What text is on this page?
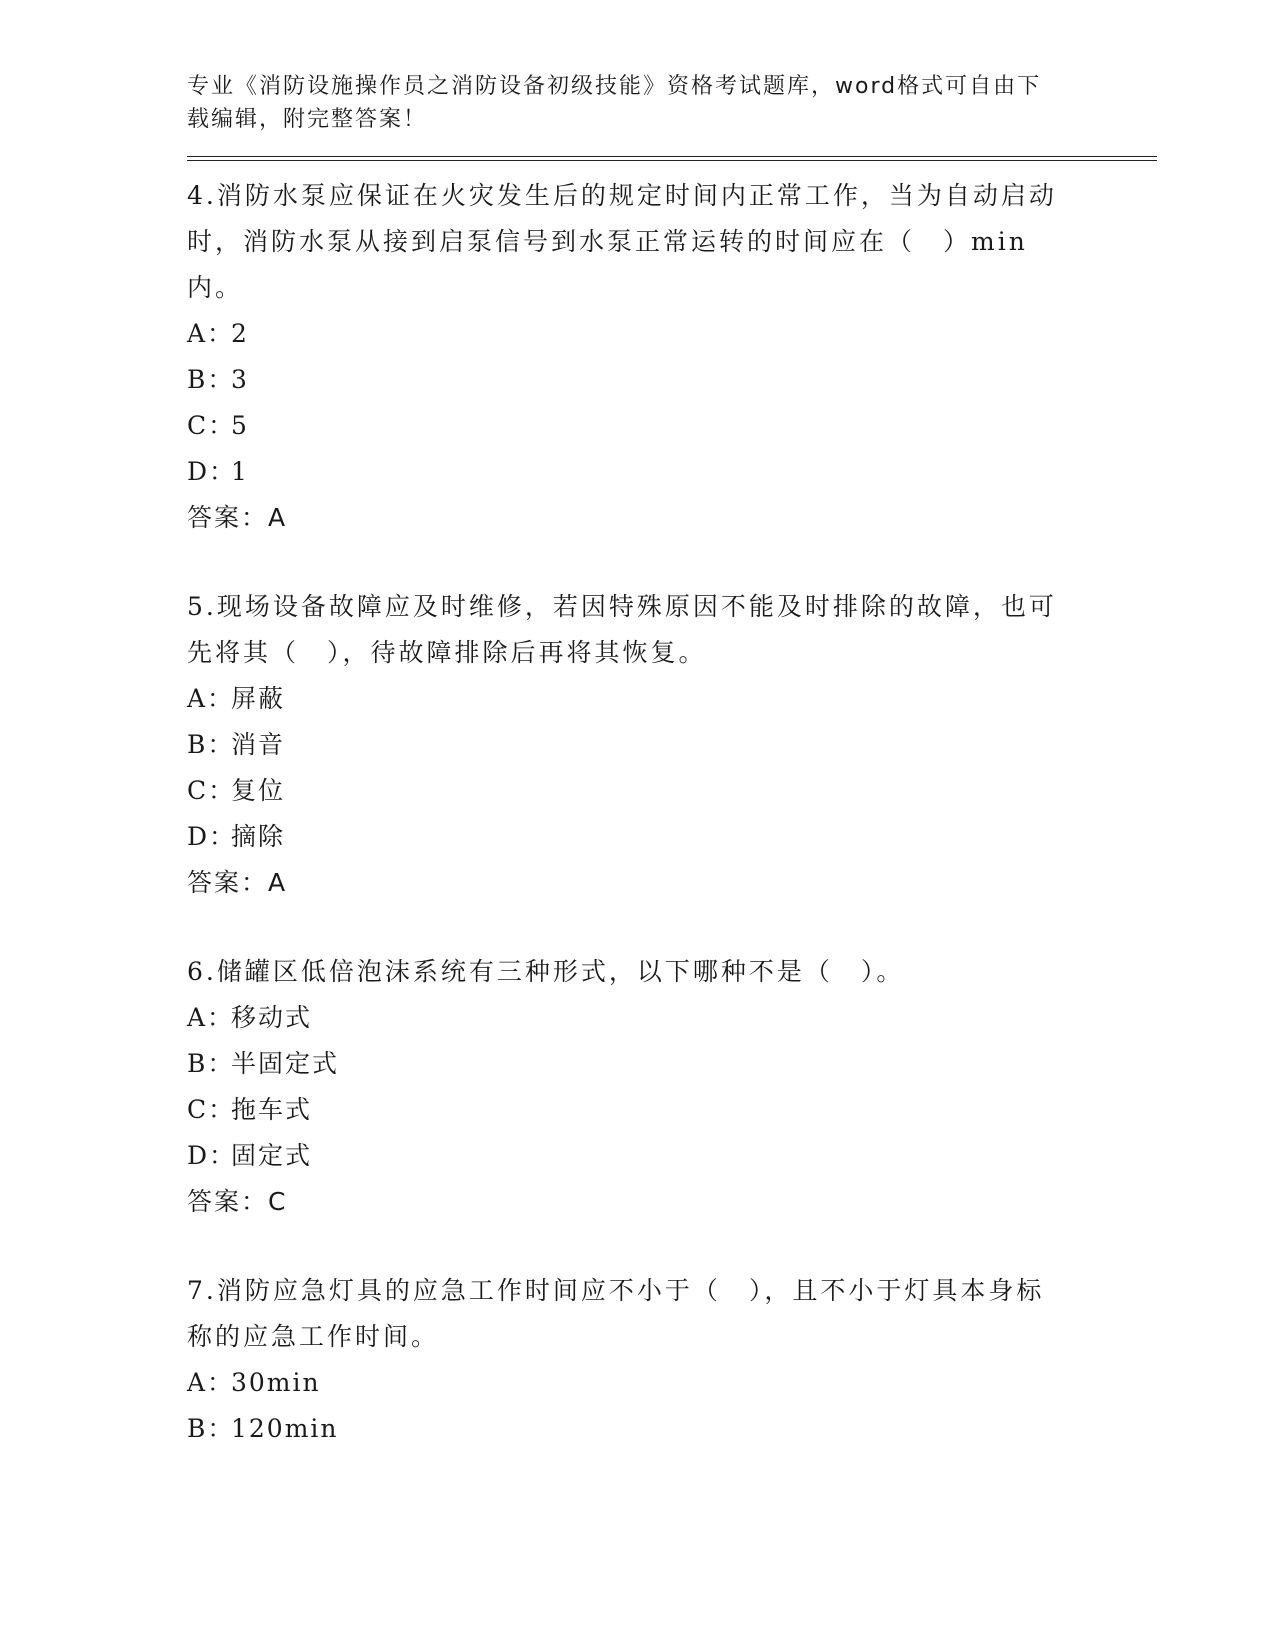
专业《消防设施操作员之消防设备初级技能》资格考试题库，word格式可自由下载编辑，附完整答案！

4.消防水泵应保证在火灾发生后的规定时间内正常工作，当为自动启动时，消防水泵从接到启泵信号到水泵正常运转的时间应在（　）min内。

A：2

B：3

C：5

D：1

答案：A

5.现场设备故障应及时维修，若因特殊原因不能及时排除的故障，也可先将其（　），待故障排除后再将其恢复。

A：屏蔽

B：消音

C：复位

D：摘除

答案：A

6.储罐区低倍泡沫系统有三种形式，以下哪种不是（　）。

A：移动式

B：半固定式

C：拖车式

D：固定式

答案：C

7.消防应急灯具的应急工作时间应不小于（　），且不小于灯具本身标称的应急工作时间。

A：30min

B：120min
